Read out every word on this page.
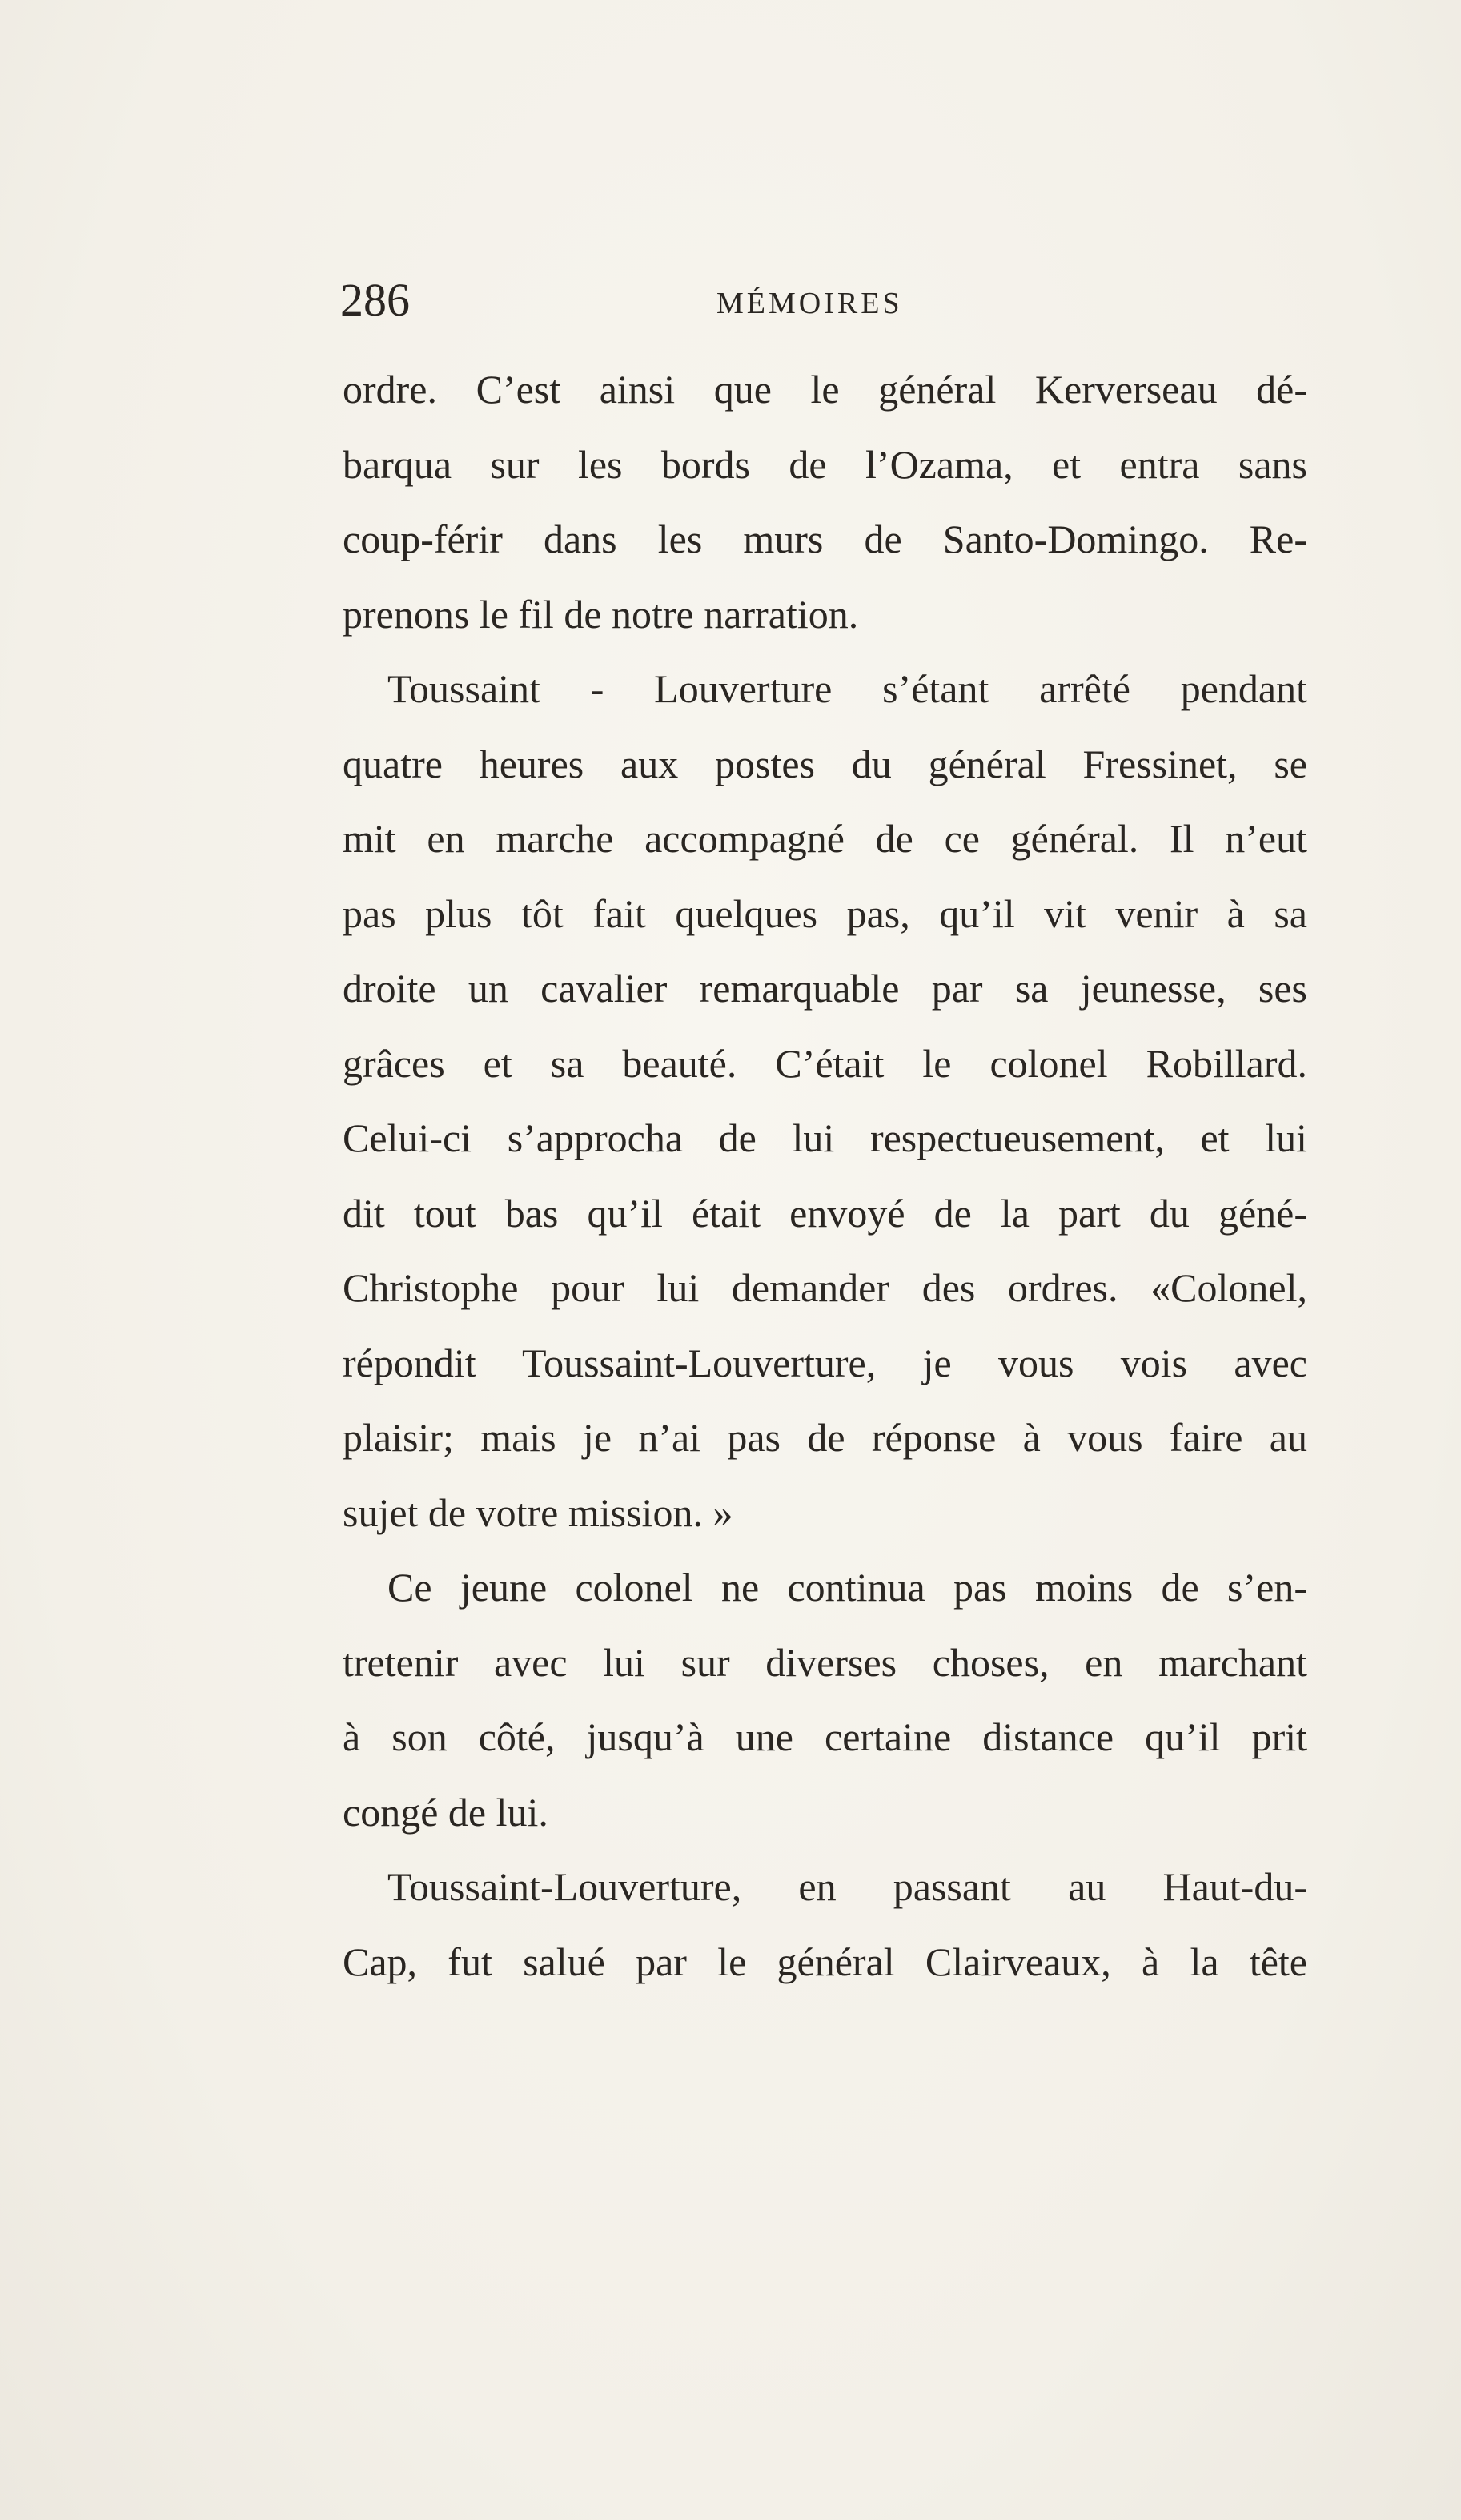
286	MÉMOIRES
ordre. C’est ainsi que le général Kerverseau dé-
barqua sur les bords de l’Ozama, et entra sans
coup-férir dans les murs de Santo-Domingo. Re-
prenons le fil de notre narration.
Toussaint - Louverture s’étant arrêté pendant
quatre heures aux postes du général Fressinet, se
mit en marche accompagné de ce général. Il n’eut
pas plus tôt fait quelques pas, qu’il vit venir à sa
droite un cavalier remarquable par sa jeunesse, ses
grâces et sa beauté. C’était le colonel Robillard.
Celui-ci s’approcha de lui respectueusement, et lui
dit tout bas qu’il était envoyé de la part du géné-
Christophe pour lui demander des ordres. «Colonel,
répondit Toussaint-Louverture, je vous vois avec
plaisir; mais je n’ai pas de réponse à vous faire au
sujet de votre mission. »
Ce jeune colonel ne continua pas moins de s’en-
tretenir avec lui sur diverses choses, en marchant
à son côté, jusqu’à une certaine distance qu’il prit
congé de lui.
Toussaint-Louverture, en passant au Haut-du-
Cap, fut salué par le général Clairveaux, à la tête
